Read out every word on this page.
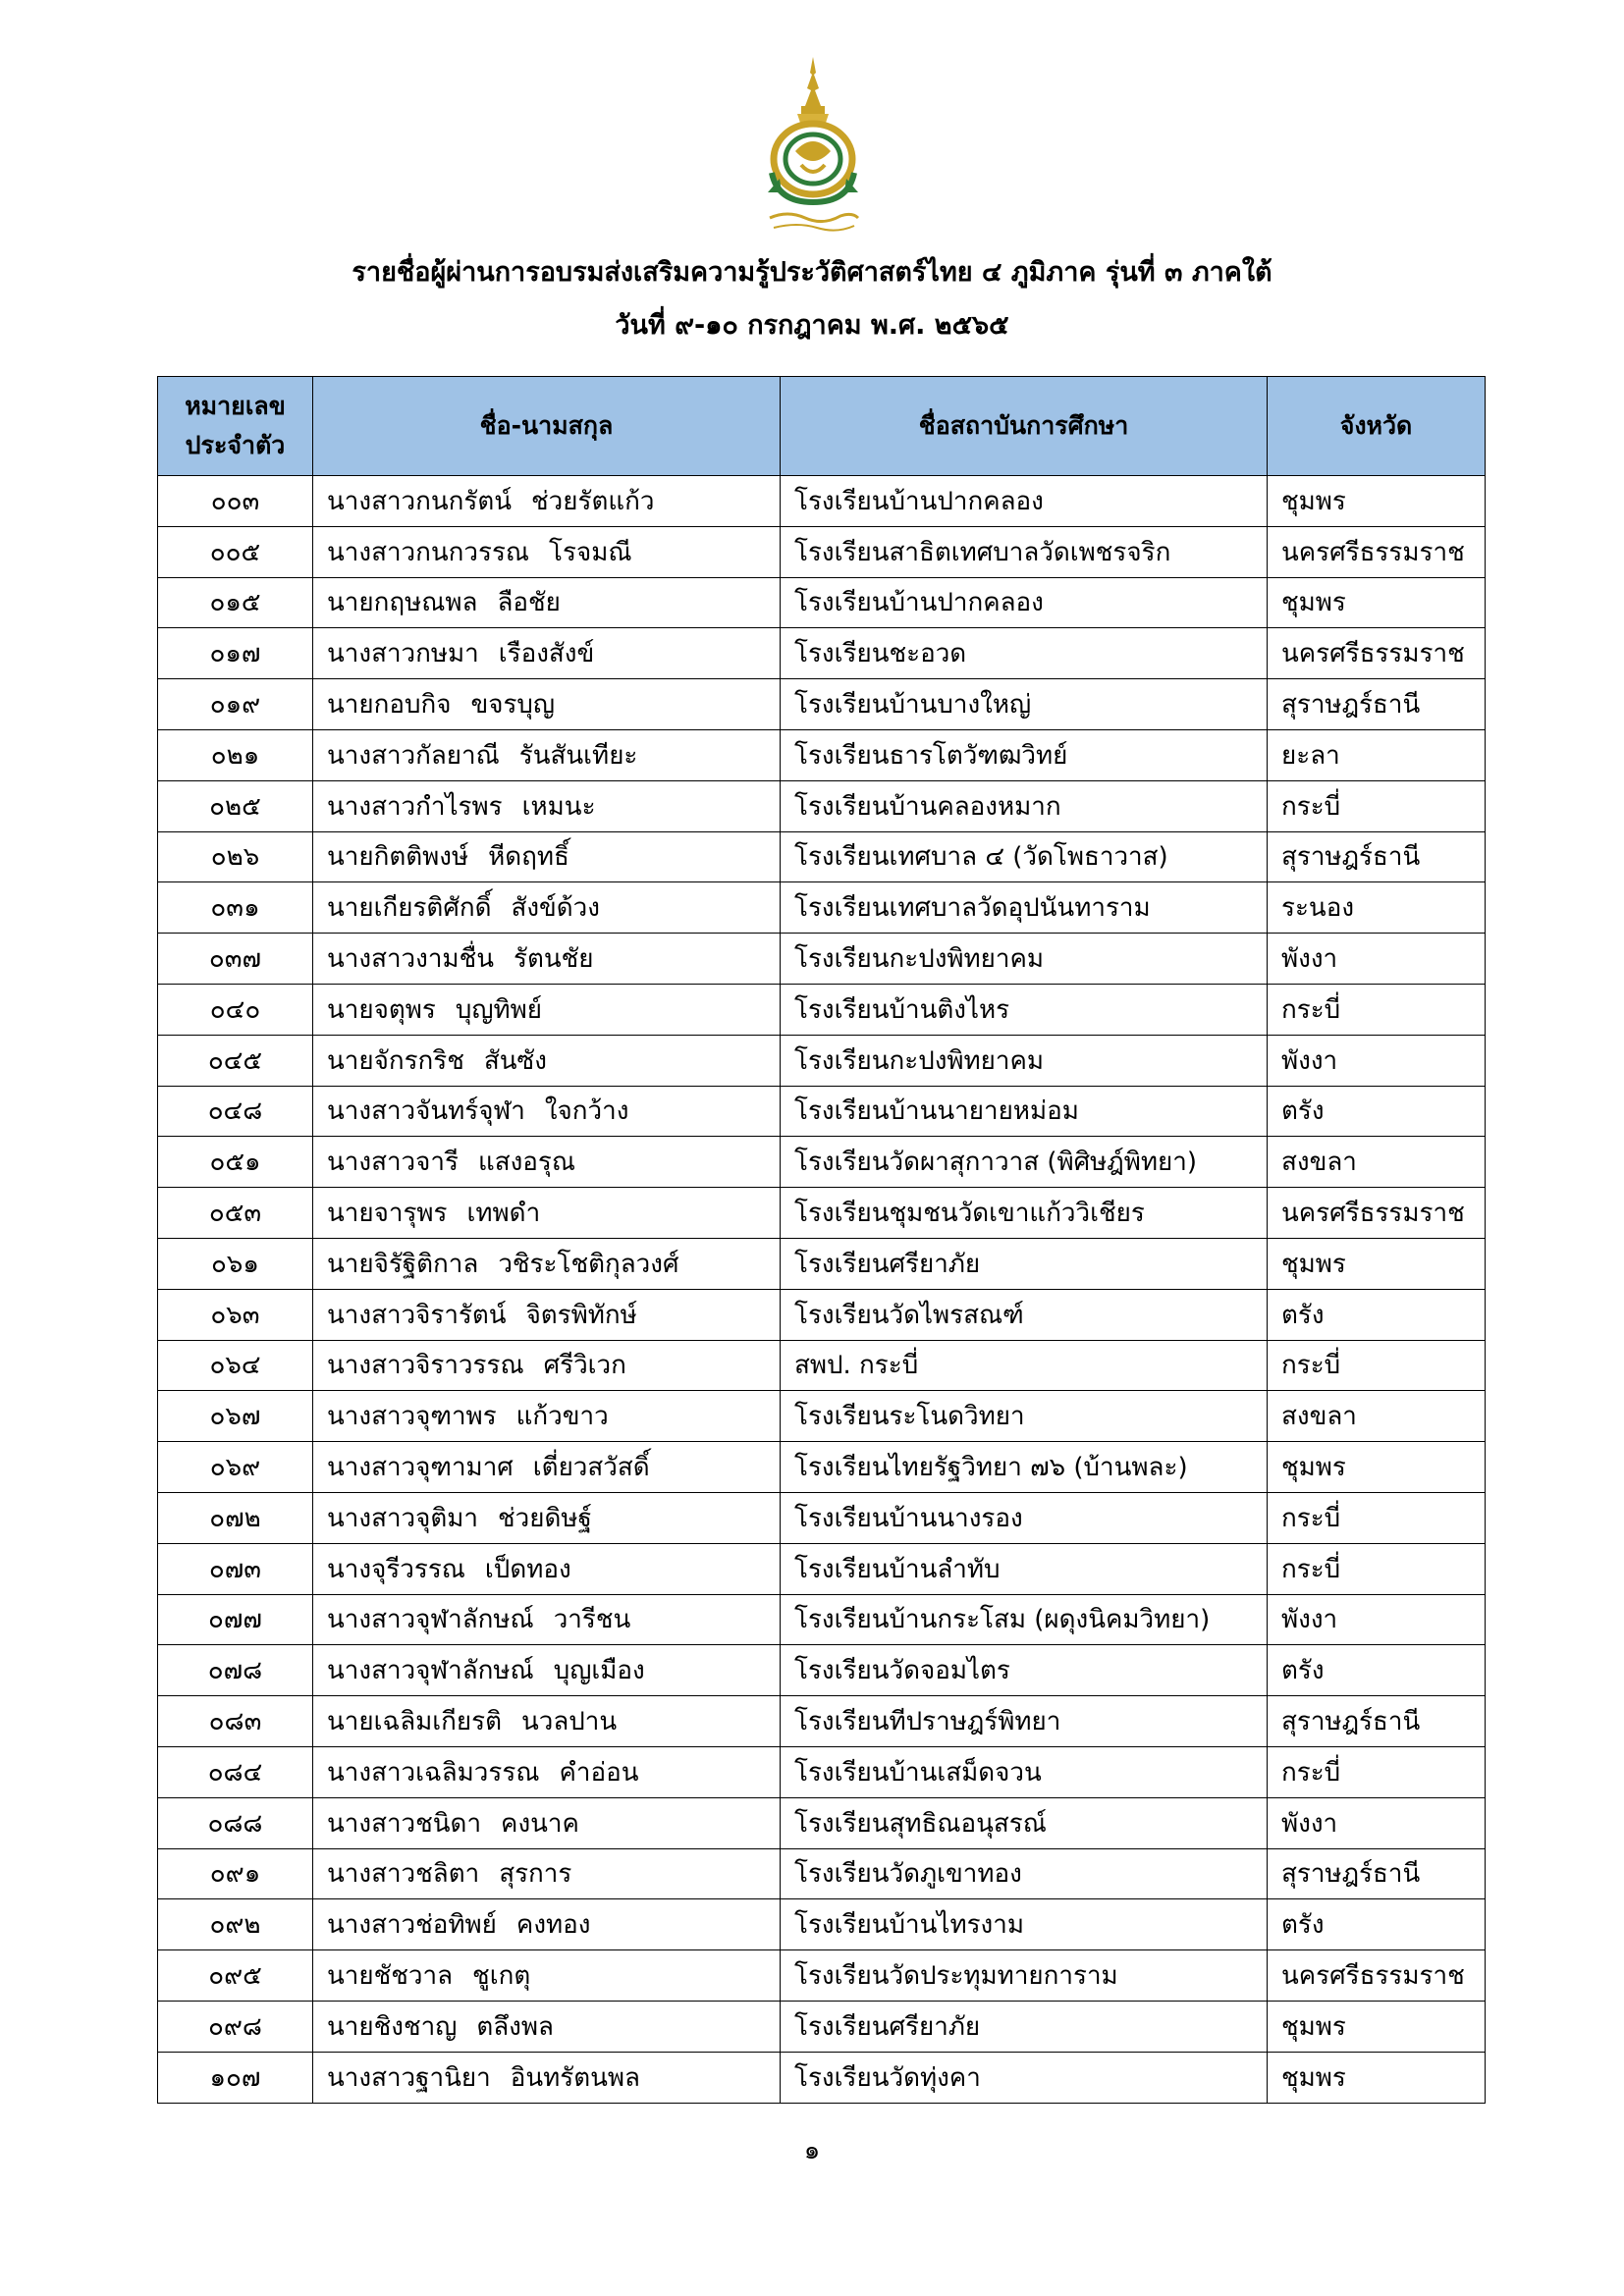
รายชื่อผู้ผ่านการอบรมส่งเสริมความรู้ประวัติศาสตร์ไทย ๔ ภูมิภาค รุ่นที่ ๓ ภาคใต้
วันที่ ๙-๑๐ กรกฎาคม พ.ศ. ๒๕๖๕
หมายเลข
ประจำตัว	ชื่อ-นามสกุล	ชื่อสถาบันการศึกษา	จังหวัด
๐๐๓	นางสาวกนกรัตน์ ช่วยรัตแก้ว	โรงเรียนบ้านปากคลอง	ชุมพร
๐๐๕	นางสาวกนกวรรณ โรจมณี	โรงเรียนสาธิตเทศบาลวัดเพชรจริก	นครศรีธรรมราช
๐๑๕	นายกฤษณพล ลือชัย	โรงเรียนบ้านปากคลอง	ชุมพร
๐๑๗	นางสาวกษมา เรืองสังข์	โรงเรียนชะอวด	นครศรีธรรมราช
๐๑๙	นายกอบกิจ ขจรบุญ	โรงเรียนบ้านบางใหญ่	สุราษฎร์ธานี
๐๒๑	นางสาวกัลยาณี รันสันเทียะ	โรงเรียนธารโตวัฑฒวิทย์	ยะลา
๐๒๕	นางสาวกำไรพร เหมนะ	โรงเรียนบ้านคลองหมาก	กระบี่
๐๒๖	นายกิตติพงษ์ หีดฤทธิ์	โรงเรียนเทศบาล ๔ (วัดโพธาวาส)	สุราษฎร์ธานี
๐๓๑	นายเกียรติศักดิ์ สังข์ด้วง	โรงเรียนเทศบาลวัดอุปนันทาราม	ระนอง
๐๓๗	นางสาวงามชื่น รัตนชัย	โรงเรียนกะปงพิทยาคม	พังงา
๐๔๐	นายจตุพร บุญทิพย์	โรงเรียนบ้านติงไหร	กระบี่
๐๔๕	นายจักรกริช สันซัง	โรงเรียนกะปงพิทยาคม	พังงา
๐๔๘	นางสาวจันทร์จุฬา ใจกว้าง	โรงเรียนบ้านนายายหม่อม	ตรัง
๐๕๑	นางสาวจารี แสงอรุณ	โรงเรียนวัดผาสุกาวาส (พิศิษฎ์พิทยา)	สงขลา
๐๕๓	นายจารุพร เทพดำ	โรงเรียนชุมชนวัดเขาแก้ววิเชียร	นครศรีธรรมราช
๐๖๑	นายจิรัฐิติกาล วชิระโชติกุลวงศ์	โรงเรียนศรียาภัย	ชุมพร
๐๖๓	นางสาวจิรารัตน์ จิตรพิทักษ์	โรงเรียนวัดไพรสณฑ์	ตรัง
๐๖๔	นางสาวจิราวรรณ ศรีวิเวก	สพป. กระบี่	กระบี่
๐๖๗	นางสาวจุฑาพร แก้วขาว	โรงเรียนระโนดวิทยา	สงขลา
๐๖๙	นางสาวจุฑามาศ เตี่ยวสวัสดิ์	โรงเรียนไทยรัฐวิทยา ๗๖ (บ้านพละ)	ชุมพร
๐๗๒	นางสาวจุติมา ช่วยดิษฐ์	โรงเรียนบ้านนางรอง	กระบี่
๐๗๓	นางจุรีวรรณ เป็ดทอง	โรงเรียนบ้านลำทับ	กระบี่
๐๗๗	นางสาวจุฬาลักษณ์ วารีชน	โรงเรียนบ้านกระโสม (ผดุงนิคมวิทยา)	พังงา
๐๗๘	นางสาวจุฬาลักษณ์ บุญเมือง	โรงเรียนวัดจอมไตร	ตรัง
๐๘๓	นายเฉลิมเกียรติ นวลปาน	โรงเรียนทีปราษฎร์พิทยา	สุราษฎร์ธานี
๐๘๔	นางสาวเฉลิมวรรณ คำอ่อน	โรงเรียนบ้านเสม็ดจวน	กระบี่
๐๘๘	นางสาวชนิดา คงนาค	โรงเรียนสุทธิณอนุสรณ์	พังงา
๐๙๑	นางสาวชลิตา สุรการ	โรงเรียนวัดภูเขาทอง	สุราษฎร์ธานี
๐๙๒	นางสาวช่อทิพย์ คงทอง	โรงเรียนบ้านไทรงาม	ตรัง
๐๙๕	นายชัชวาล ชูเกตุ	โรงเรียนวัดประทุมทายการาม	นครศรีธรรมราช
๐๙๘	นายชิงชาญ ตลึงพล	โรงเรียนศรียาภัย	ชุมพร
๑๐๗	นางสาวฐานิยา อินทรัตนพล	โรงเรียนวัดทุ่งคา	ชุมพร
๑
